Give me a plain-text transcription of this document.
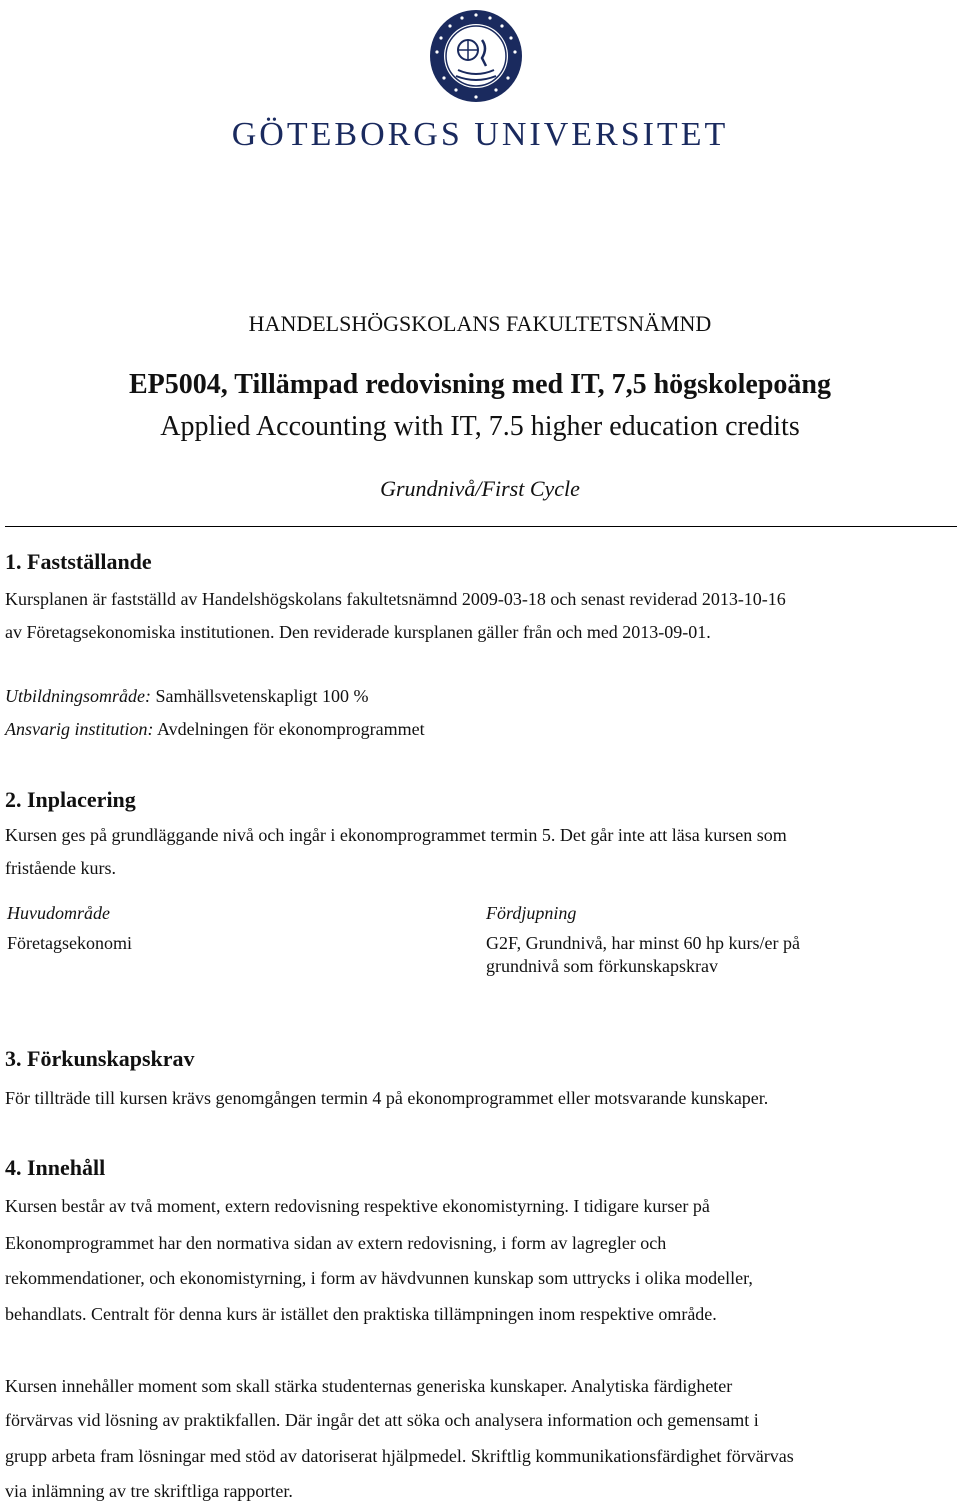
GÖTEBORGS UNIVERSITET
HANDELSHÖGSKOLANS FAKULTETSNÄMND
EP5004, Tillämpad redovisning med IT, 7,5 högskolepoäng
Applied Accounting with IT, 7.5 higher education credits
Grundnivå/First Cycle
1. Fastställande
Kursplanen är fastställd av Handelshögskolans fakultetsnämnd 2009-03-18 och senast reviderad 2013-10-16
av Företagsekonomiska institutionen. Den reviderade kursplanen gäller från och med 2013-09-01.
Utbildningsområde: Samhällsvetenskapligt 100 %
Ansvarig institution: Avdelningen för ekonomprogrammet
2. Inplacering
Kursen ges på grundläggande nivå och ingår i ekonomprogrammet termin 5. Det går inte att läsa kursen som
fristående kurs.
Huvudområde
Företagsekonomi
Fördjupning
G2F, Grundnivå, har minst 60 hp kurs/er på
grundnivå som förkunskapskrav
3. Förkunskapskrav
För tillträde till kursen krävs genomgången termin 4 på ekonomprogrammet eller motsvarande kunskaper.
4. Innehåll
Kursen består av två moment, extern redovisning respektive ekonomistyrning. I tidigare kurser på
Ekonomprogrammet har den normativa sidan av extern redovisning, i form av lagregler och
rekommendationer, och ekonomistyrning, i form av hävdvunnen kunskap som uttrycks i olika modeller,
behandlats. Centralt för denna kurs är istället den praktiska tillämpningen inom respektive område.
Kursen innehåller moment som skall stärka studenternas generiska kunskaper. Analytiska färdigheter
förvärvas vid lösning av praktikfallen. Där ingår det att söka och analysera information och gemensamt i
grupp arbeta fram lösningar med stöd av datoriserat hjälpmedel. Skriftlig kommunikationsfärdighet förvärvas
via inlämning av tre skriftliga rapporter.
